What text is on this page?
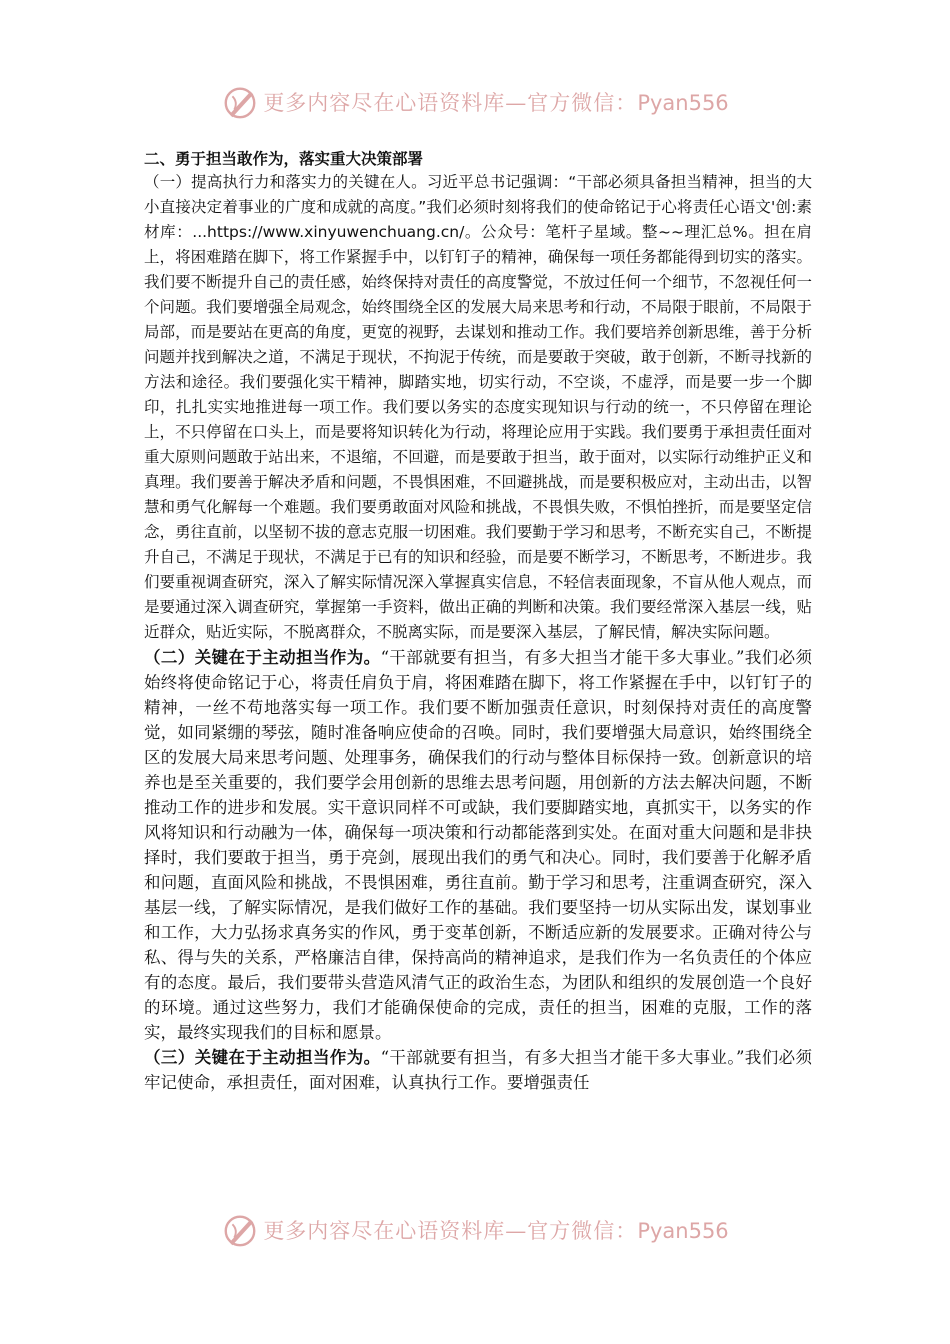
更多内容尽在心语资料库—官方微信：Pyan556

二、勇于担当敢作为，落实重大决策部署

（一）提高执行力和落实力的关键在人。习近平总书记强调：“干部必须具备担当精神，担当的大小直接决定着事业的广度和成就的高度。”我们必须时刻将我们的使命铭记于心将责任心语文'创:素材库：...https://www.xinyuwenchuang.cn/。公众号：笔杆子星域。整~~理汇总%。担在肩上，将困难踏在脚下，将工作紧握手中，以钉钉子的精神，确保每一项任务都能得到切实的落实。我们要不断提升自己的责任感，始终保持对责任的高度警觉，不放过任何一个细节，不忽视任何一个问题。我们要增强全局观念，始终围绕全区的发展大局来思考和行动，不局限于眼前，不局限于局部，而是要站在更高的角度，更宽的视野，去谋划和推动工作。我们要培养创新思维，善于分析问题并找到解决之道，不满足于现状，不拘泥于传统，而是要敢于突破，敢于创新，不断寻找新的方法和途径。我们要强化实干精神，脚踏实地，切实行动，不空谈，不虚浮，而是要一步一个脚印，扎扎实实地推进每一项工作。我们要以务实的态度实现知识与行动的统一，不只停留在理论上，不只停留在口头上，而是要将知识转化为行动，将理论应用于实践。我们要勇于承担责任面对重大原则问题敢于站出来，不退缩，不回避，而是要敢于担当，敢于面对，以实际行动维护正义和真理。我们要善于解决矛盾和问题，不畏惧困难，不回避挑战，而是要积极应对，主动出击，以智慧和勇气化解每一个难题。我们要勇敢面对风险和挑战，不畏惧失败，不惧怕挫折，而是要坚定信念，勇往直前，以坚韧不拔的意志克服一切困难。我们要勤于学习和思考，不断充实自己，不断提升自己，不满足于现状，不满足于已有的知识和经验，而是要不断学习，不断思考，不断进步。我们要重视调查研究，深入了解实际情况深入掌握真实信息，不轻信表面现象，不盲从他人观点，而是要通过深入调查研究，掌握第一手资料，做出正确的判断和决策。我们要经常深入基层一线，贴近群众，贴近实际，不脱离群众，不脱离实际，而是要深入基层，了解民情，解决实际问题。

（二）关键在于主动担当作为。“干部就要有担当，有多大担当才能干多大事业。”我们必须始终将使命铭记于心，将责任肩负于肩，将困难踏在脚下，将工作紧握在手中，以钉钉子的精神，一丝不苟地落实每一项工作。我们要不断加强责任意识，时刻保持对责任的高度警觉，如同紧绷的琴弦，随时准备响应使命的召唤。同时，我们要增强大局意识，始终围绕全区的发展大局来思考问题、处理事务，确保我们的行动与整体目标保持一致。创新意识的培养也是至关重要的，我们要学会用创新的思维去思考问题，用创新的方法去解决问题，不断推动工作的进步和发展。实干意识同样不可或缺，我们要脚踏实地，真抓实干，以务实的作风将知识和行动融为一体，确保每一项决策和行动都能落到实处。在面对重大问题和是非抉择时，我们要敢于担当，勇于亮剑，展现出我们的勇气和决心。同时，我们要善于化解矛盾和问题，直面风险和挑战，不畏惧困难，勇往直前。勤于学习和思考，注重调查研究，深入基层一线，了解实际情况，是我们做好工作的基础。我们要坚持一切从实际出发，谋划事业和工作，大力弘扬求真务实的作风，勇于变革创新，不断适应新的发展要求。正确对待公与私、得与失的关系，严格廉洁自律，保持高尚的精神追求，是我们作为一名负责任的个体应有的态度。最后，我们要带头营造风清气正的政治生态，为团队和组织的发展创造一个良好的环境。通过这些努力，我们才能确保使命的完成，责任的担当，困难的克服，工作的落实，最终实现我们的目标和愿景。

（三）关键在于主动担当作为。“干部就要有担当，有多大担当才能干多大事业。”我们必须牢记使命，承担责任，面对困难，认真执行工作。要增强责任

更多内容尽在心语资料库—官方微信：Pyan556
